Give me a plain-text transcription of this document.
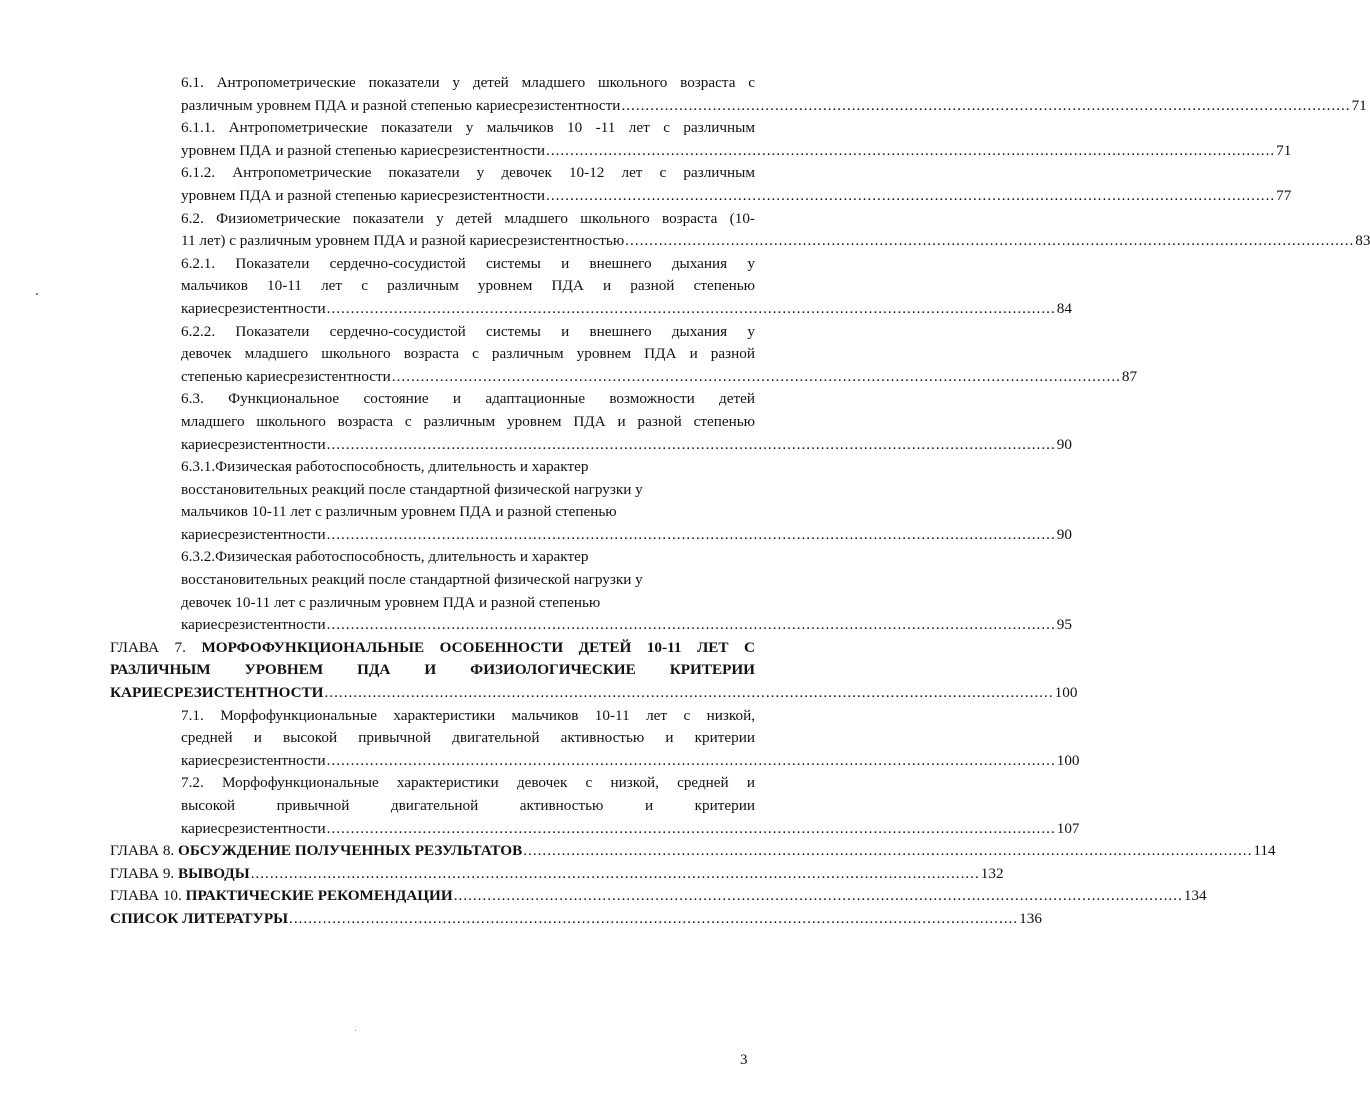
6.1. Антропометрические показатели у детей младшего школьного возраста с
различным уровнем ПДА и разной степенью кариесрезистентности ........................................................................................................................................................ 71
6.1.1. Антропометрические показатели у мальчиков 10 -11 лет с различным
уровнем ПДА и разной степенью кариесрезистентности ........................................................................................................................................................ 71
6.1.2. Антропометрические показатели у девочек 10-12 лет с различным
уровнем ПДА и разной степенью кариесрезистентности ........................................................................................................................................................ 77
6.2. Физиометрические показатели у детей младшего школьного возраста (10-
11 лет) с различным уровнем ПДА и разной кариесрезистентностью ........................................................................................................................................................ 83
6.2.1. Показатели сердечно-сосудистой системы и внешнего дыхания у
мальчиков 10-11 лет с различным уровнем ПДА и разной степенью
кариесрезистентности ........................................................................................................................................................ 84
6.2.2. Показатели сердечно-сосудистой системы и внешнего дыхания у
девочек младшего школьного возраста с различным уровнем ПДА и разной
степенью кариесрезистентности ........................................................................................................................................................ 87
6.3. Функциональное состояние и адаптационные возможности детей
младшего школьного возраста с различным уровнем ПДА и разной степенью
кариесрезистентности ........................................................................................................................................................ 90
6.3.1.Физическая работоспособность, длительность и характер
восстановительных реакций после стандартной физической нагрузки у
мальчиков 10-11 лет с различным уровнем ПДА и разной степенью
кариесрезистентности ........................................................................................................................................................ 90
6.3.2.Физическая работоспособность, длительность и характер
восстановительных реакций после стандартной физической нагрузки у
девочек 10-11 лет с различным уровнем ПДА и разной степенью
кариесрезистентности ........................................................................................................................................................ 95
ГЛАВА 7. МОРФОФУНКЦИОНАЛЬНЫЕ ОСОБЕННОСТИ ДЕТЕЙ 10-11 ЛЕТ С
РАЗЛИЧНЫМ УРОВНЕМ ПДА И ФИЗИОЛОГИЧЕСКИЕ КРИТЕРИИ
КАРИЕСРЕЗИСТЕНТНОСТИ ........................................................................................................................................................ 100
7.1. Морфофункциональные характеристики мальчиков 10-11 лет с низкой,
средней и высокой привычной двигательной активностью и критерии
кариесрезистентности ........................................................................................................................................................ 100
7.2. Морфофункциональные характеристики девочек с низкой, средней и
высокой привычной двигательной активностью и критерии
кариесрезистентности ........................................................................................................................................................ 107
ГЛАВА 8.
ОБСУЖДЕНИЕ ПОЛУЧЕННЫХ РЕЗУЛЬТАТОВ ........................................................................................................................................................ 114
ГЛАВА 9.
ВЫВОДЫ ........................................................................................................................................................ 132
ГЛАВА 10.
ПРАКТИЧЕСКИЕ РЕКОМЕНДАЦИИ ........................................................................................................................................................ 134
СПИСОК ЛИТЕРАТУРЫ ........................................................................................................................................................ 136
3
